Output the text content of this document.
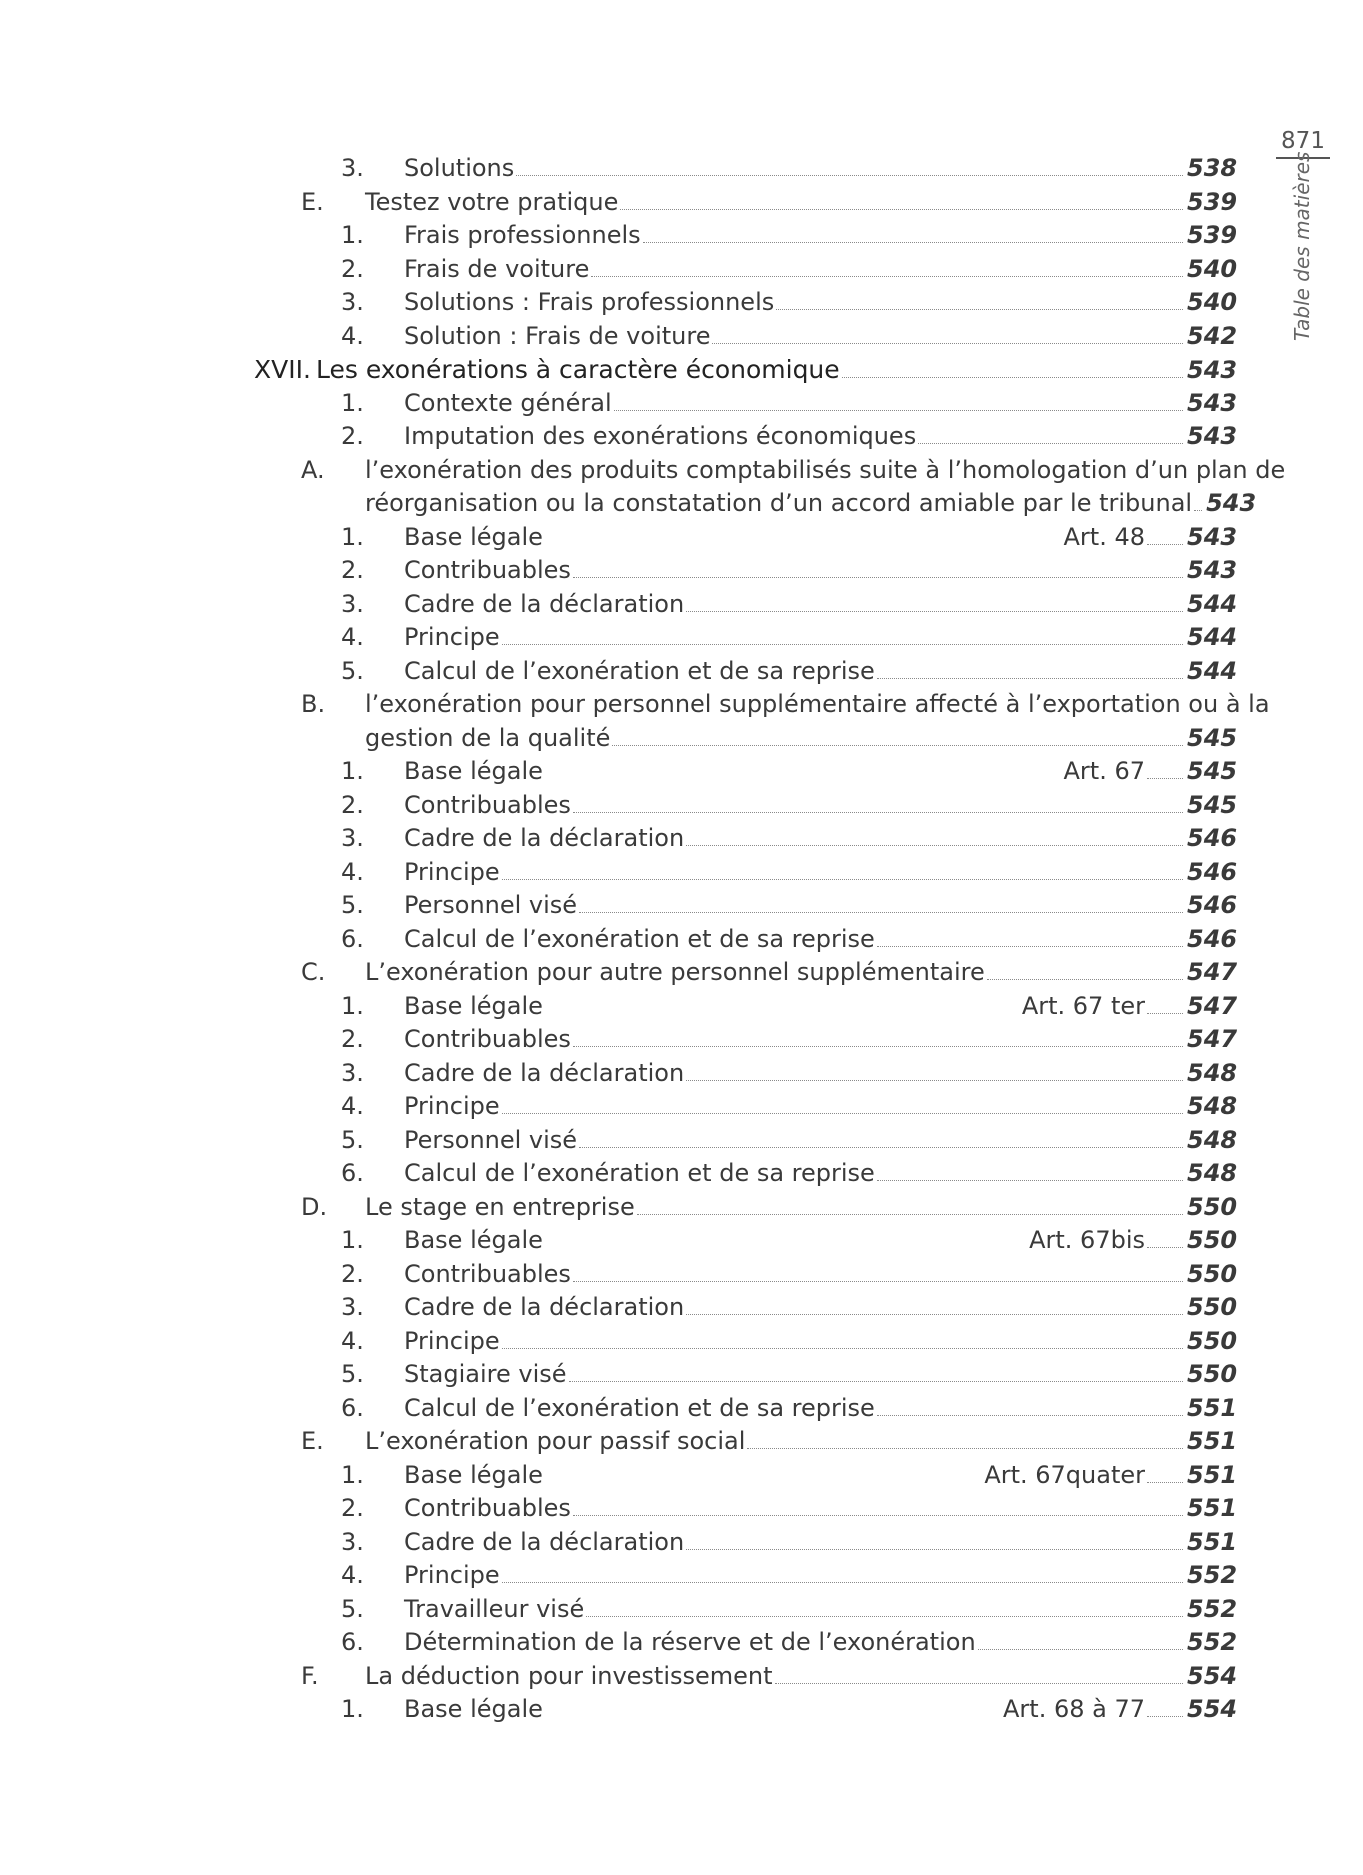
871
Table des matières
3. Solutions	538
E. Testez votre pratique	539
1. Frais professionnels	539
2. Frais de voiture	540
3. Solutions : Frais professionnels	540
4. Solution : Frais de voiture	542
XVII. Les exonérations à caractère économique	543
1. Contexte général	543
2. Imputation des exonérations économiques	543
A. l’exonération des produits comptabilisés suite à l’homologation d’un plan de
réorganisation ou la constatation d’un accord amiable par le tribunal 543
1. Base légale	Art. 48 543
2. Contribuables	543
3. Cadre de la déclaration	544
4. Principe	544
5. Calcul de l’exonération et de sa reprise	544
B. l’exonération pour personnel supplémentaire affecté à l’exportation ou à la
gestion de la qualité	545
1. Base légale	Art. 67 545
2. Contribuables	545
3. Cadre de la déclaration	546
4. Principe	546
5. Personnel visé	546
6. Calcul de l’exonération et de sa reprise	546
C. L’exonération pour autre personnel supplémentaire	547
1. Base légale	Art. 67 ter 547
2. Contribuables	547
3. Cadre de la déclaration	548
4. Principe	548
5. Personnel visé	548
6. Calcul de l’exonération et de sa reprise	548
D. Le stage en entreprise	550
1. Base légale	Art. 67bis 550
2. Contribuables	550
3. Cadre de la déclaration	550
4. Principe	550
5. Stagiaire visé	550
6. Calcul de l’exonération et de sa reprise	551
E. L’exonération pour passif social	551
1. Base légale	Art. 67quater 551
2. Contribuables	551
3. Cadre de la déclaration	551
4. Principe	552
5. Travailleur visé	552
6. Détermination de la réserve et de l’exonération	552
F. La déduction pour investissement	554
1. Base légale	Art. 68 à 77 554
